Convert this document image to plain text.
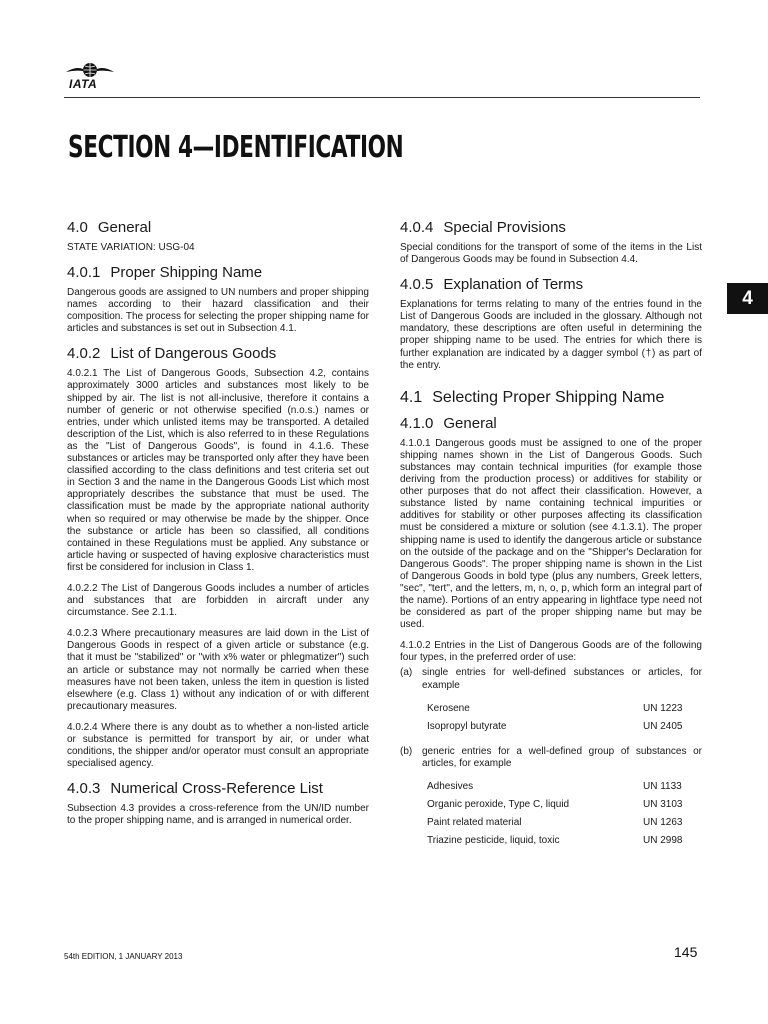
IATA
SECTION 4—IDENTIFICATION
4
4.0 General
STATE VARIATION: USG-04
4.0.1 Proper Shipping Name

Dangerous goods are assigned to UN numbers and proper shipping names according to their hazard classification and their composition. The process for selecting the proper shipping name for articles and substances is set out in Subsection 4.1.

4.0.2 List of Dangerous Goods

4.0.2.1 The List of Dangerous Goods, Subsection 4.2, contains approximately 3000 articles and substances most likely to be shipped by air. The list is not all-inclusive, therefore it contains a number of generic or not otherwise specified (n.o.s.) names or entries, under which unlisted items may be transported. A detailed description of the List, which is also referred to in these Regulations as the "List of Dangerous Goods", is found in 4.1.6. These substances or articles may be transported only after they have been classified according to the class definitions and test criteria set out in Section 3 and the name in the Dangerous Goods List which most appropriately describes the substance that must be used. The classification must be made by the appropriate national authority when so required or may otherwise be made by the shipper. Once the substance or article has been so classified, all conditions contained in these Regulations must be applied. Any substance or article having or suspected of having explosive characteristics must first be considered for inclusion in Class 1.

4.0.2.2 The List of Dangerous Goods includes a number of articles and substances that are forbidden in aircraft under any circumstance. See 2.1.1.

4.0.2.3 Where precautionary measures are laid down in the List of Dangerous Goods in respect of a given article or substance (e.g. that it must be "stabilized" or "with x% water or phlegmatizer") such an article or substance may not normally be carried when these measures have not been taken, unless the item in question is listed elsewhere (e.g. Class 1) without any indication of or with different precautionary measures.

4.0.2.4 Where there is any doubt as to whether a non-listed article or substance is permitted for transport by air, or under what conditions, the shipper and/or operator must consult an appropriate specialised agency.

4.0.3 Numerical Cross-Reference List

Subsection 4.3 provides a cross-reference from the UN/ID number to the proper shipping name, and is arranged in numerical order.

4.0.4 Special Provisions

Special conditions for the transport of some of the items in the List of Dangerous Goods may be found in Subsection 4.4.

4.0.5 Explanation of Terms

Explanations for terms relating to many of the entries found in the List of Dangerous Goods are included in the glossary. Although not mandatory, these descriptions are often useful in determining the proper shipping name to be used. The entries for which there is further explanation are indicated by a dagger symbol (†) as part of the entry.

4.1 Selecting Proper Shipping Name
4.1.0 General

4.1.0.1 Dangerous goods must be assigned to one of the proper shipping names shown in the List of Dangerous Goods. Such substances may contain technical impurities (for example those deriving from the production process) or additives for stability or other purposes that do not affect their classification. However, a substance listed by name containing technical impurities or additives for stability or other purposes affecting its classification must be considered a mixture or solution (see 4.1.3.1). The proper shipping name is used to identify the dangerous article or substance on the outside of the package and on the "Shipper's Declaration for Dangerous Goods". The proper shipping name is shown in the List of Dangerous Goods in bold type (plus any numbers, Greek letters, "sec", "tert", and the letters, m, n, o, p, which form an integral part of the name). Portions of an entry appearing in lightface type need not be considered as part of the proper shipping name but may be used.

4.1.0.2 Entries in the List of Dangerous Goods are of the following four types, in the preferred order of use:

(a) single entries for well-defined substances or articles, for example
Kerosene	UN 1223
Isopropyl butyrate	UN 2405
(b) generic entries for a well-defined group of substances or articles, for example
Adhesives	UN 1133
Organic peroxide, Type C, liquid	UN 3103
Paint related material	UN 1263
Triazine pesticide, liquid, toxic	UN 2998
54th EDITION, 1 JANUARY 2013	145
